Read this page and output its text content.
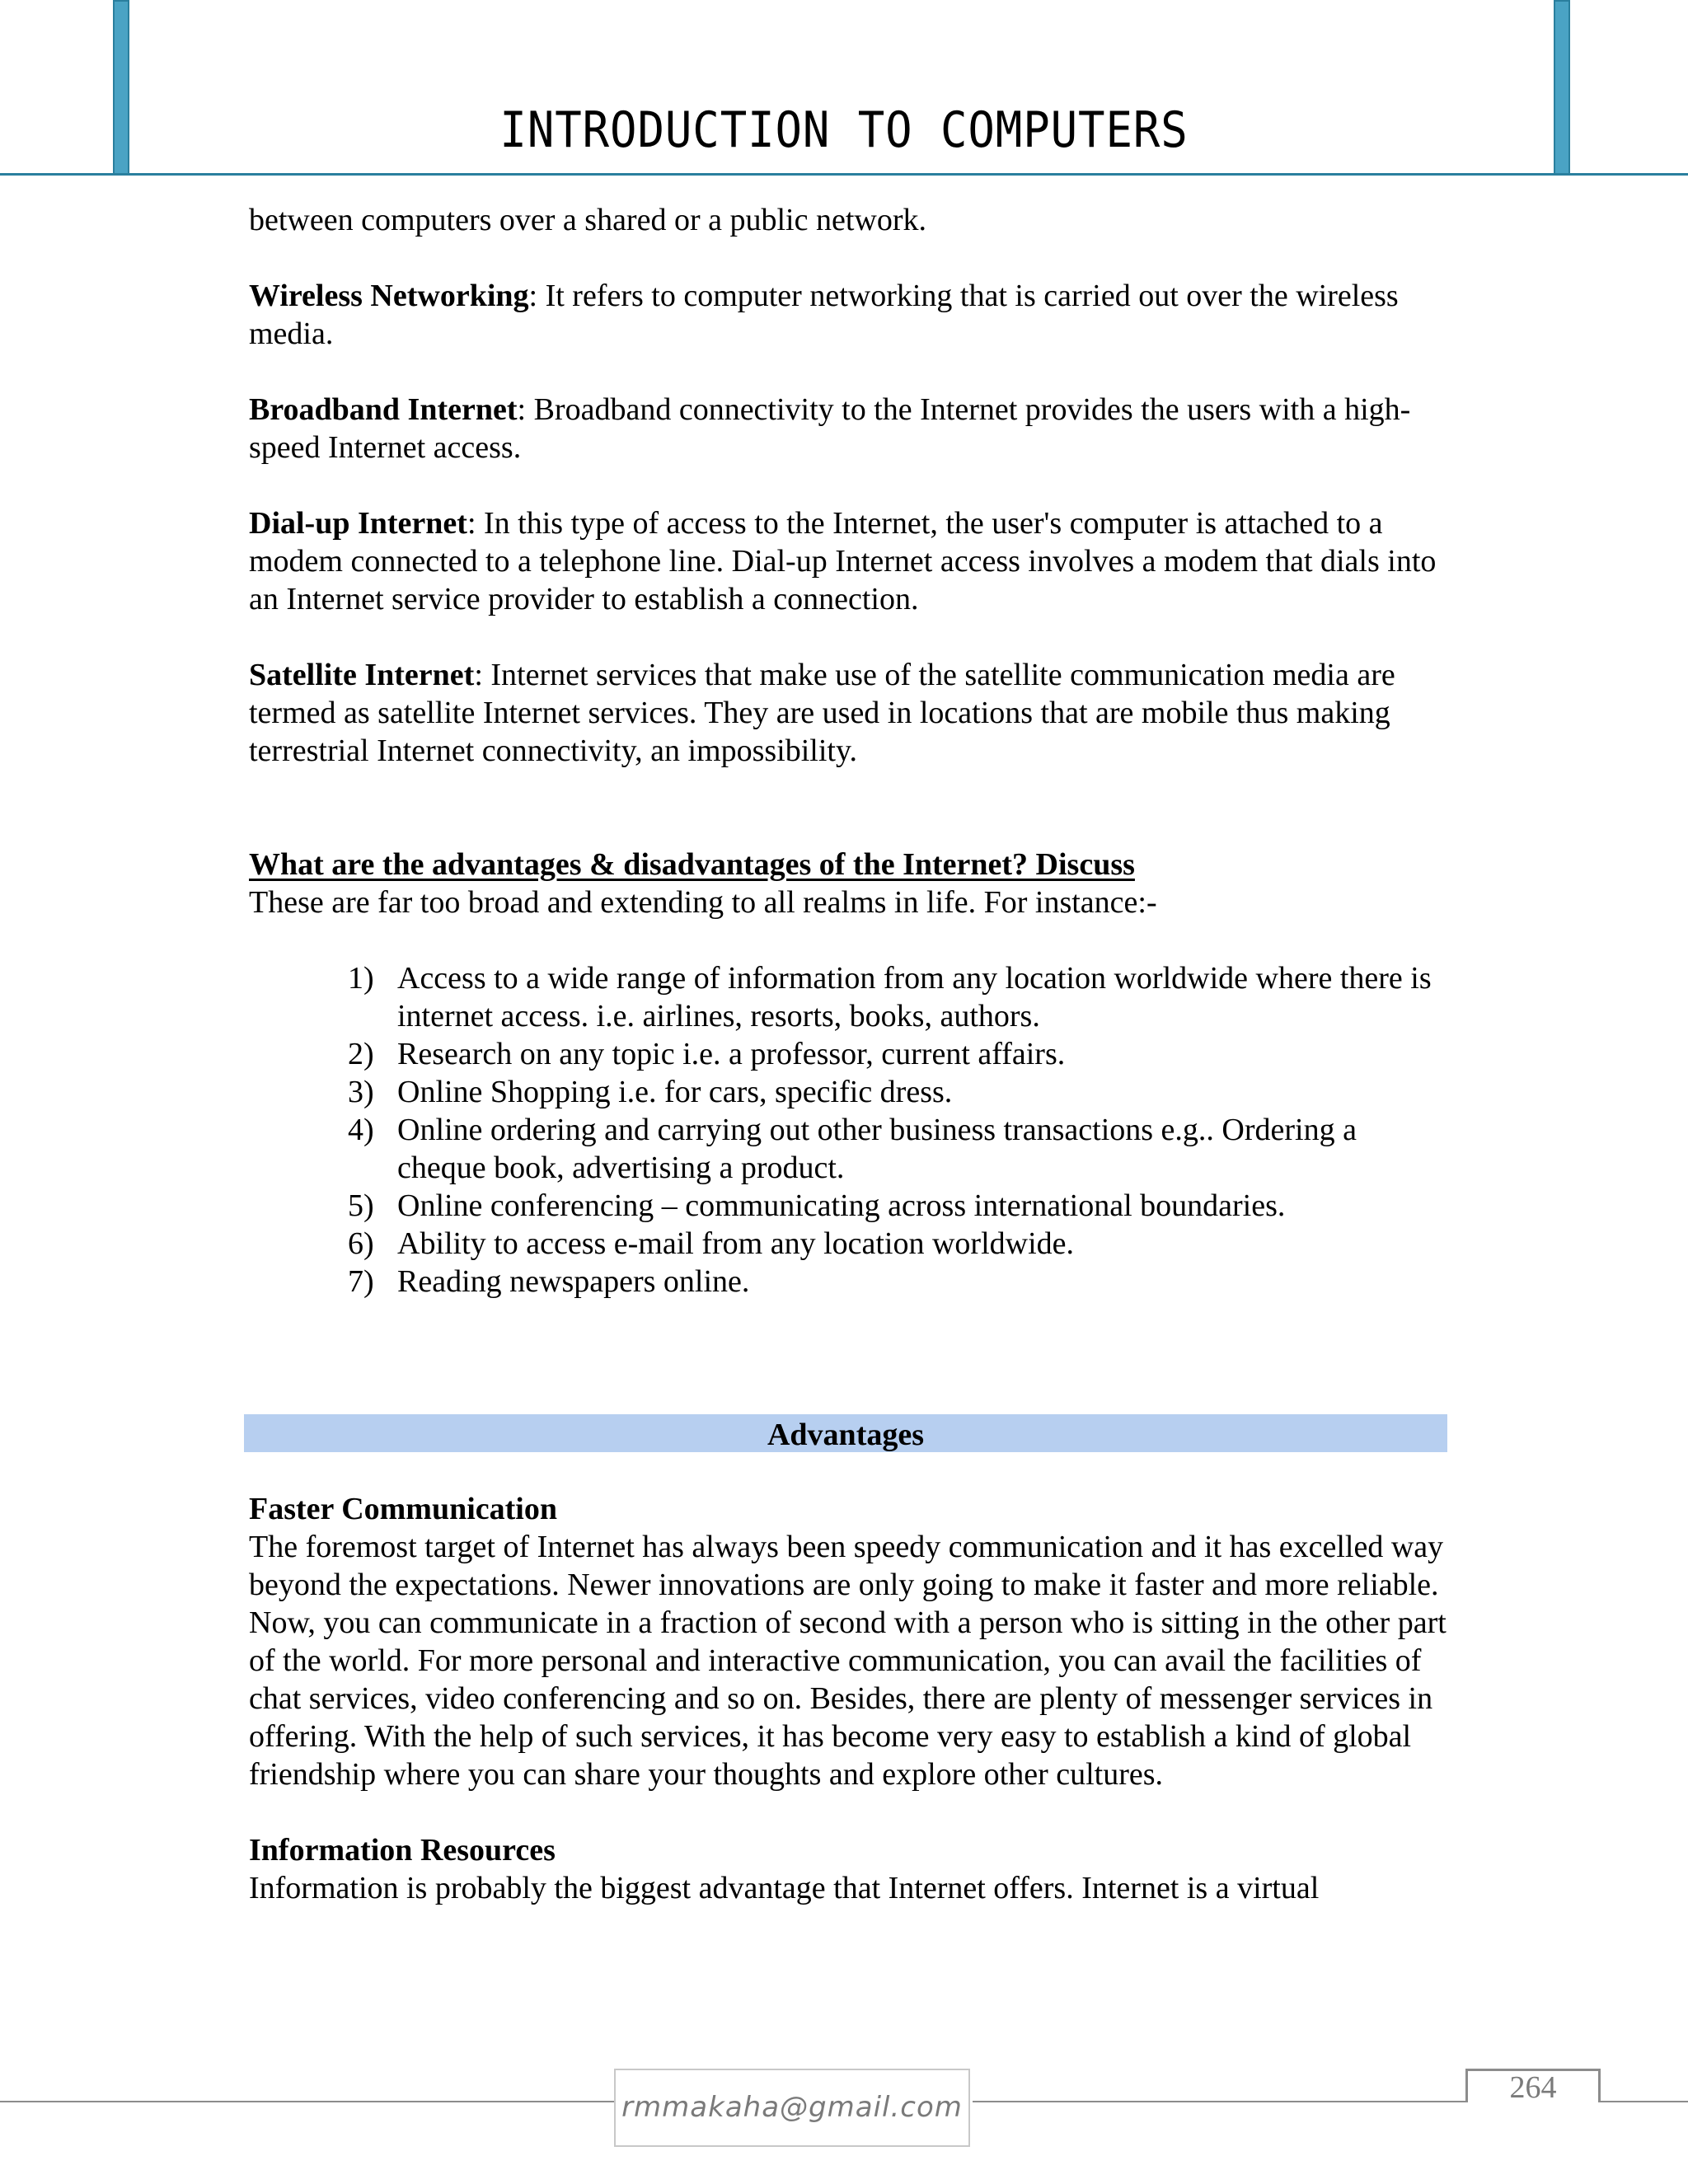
INTRODUCTION TO COMPUTERS

between computers over a shared or a public network.

Wireless Networking: It refers to computer networking that is carried out over the wireless media.

Broadband Internet: Broadband connectivity to the Internet provides the users with a high-speed Internet access.

Dial-up Internet: In this type of access to the Internet, the user's computer is attached to a modem connected to a telephone line. Dial-up Internet access involves a modem that dials into an Internet service provider to establish a connection.

Satellite Internet: Internet services that make use of the satellite communication media are termed as satellite Internet services. They are used in locations that are mobile thus making terrestrial Internet connectivity, an impossibility.

What are the advantages & disadvantages of the Internet? Discuss

These are far too broad and extending to all realms in life. For instance:-

1) Access to a wide range of information from any location worldwide where there is internet access. i.e. airlines, resorts, books, authors.
2) Research on any topic i.e. a professor, current affairs.
3) Online Shopping i.e. for cars, specific dress.
4) Online ordering and carrying out other business transactions e.g.. Ordering a cheque book, advertising a product.
5) Online conferencing – communicating across international boundaries.
6) Ability to access e-mail from any location worldwide.
7) Reading newspapers online.
Advantages

Faster Communication

The foremost target of Internet has always been speedy communication and it has excelled way beyond the expectations. Newer innovations are only going to make it faster and more reliable. Now, you can communicate in a fraction of second with a person who is sitting in the other part of the world. For more personal and interactive communication, you can avail the facilities of chat services, video conferencing and so on. Besides, there are plenty of messenger services in offering. With the help of such services, it has become very easy to establish a kind of global friendship where you can share your thoughts and explore other cultures.

Information Resources

Information is probably the biggest advantage that Internet offers. Internet is a virtual

rmmakaha@gmail.com
264
